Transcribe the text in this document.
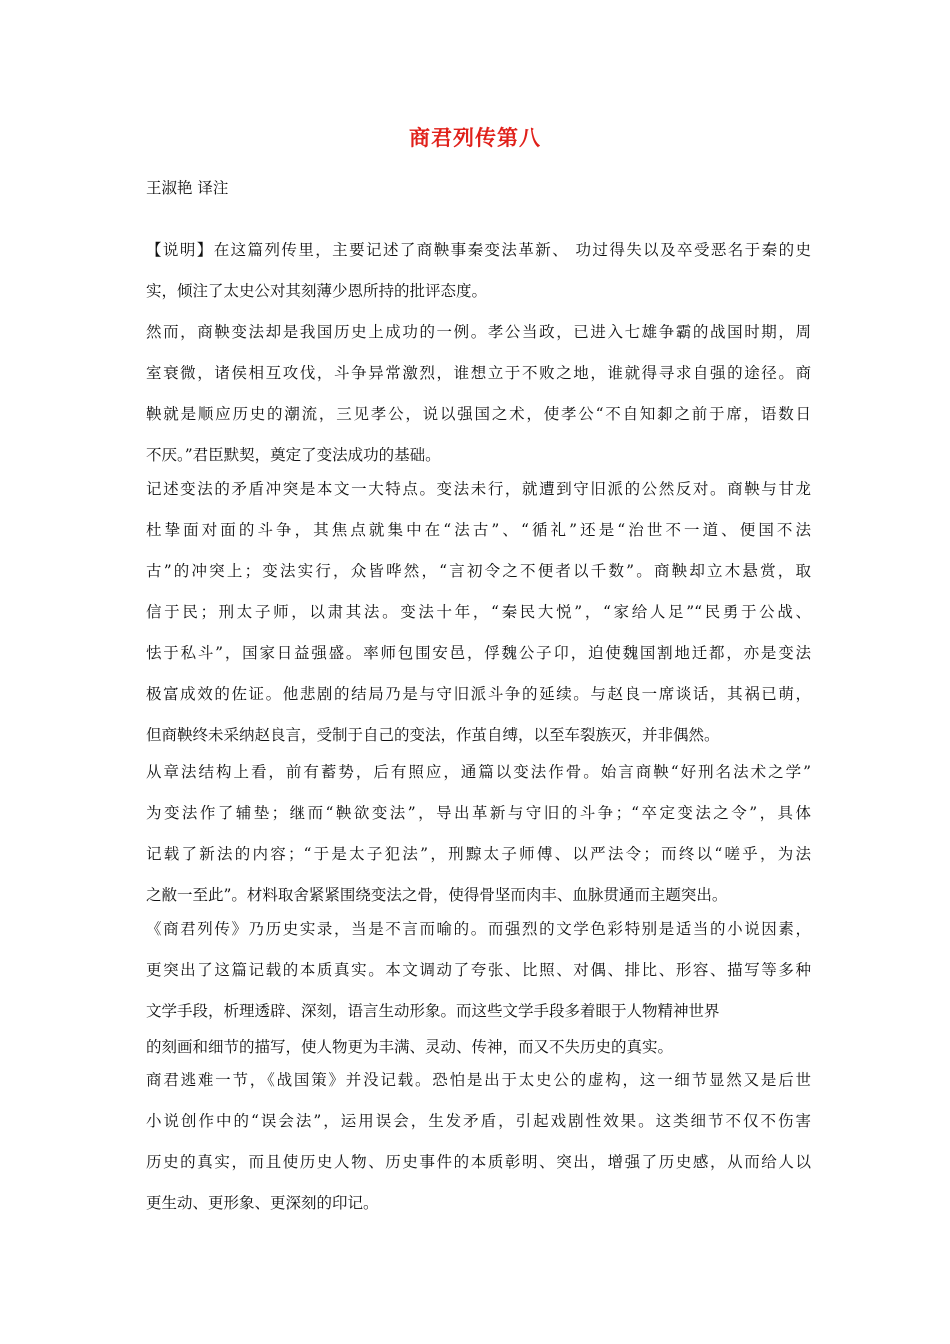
商君列传第八
王淑艳 译注
【说明】在这篇列传里，主要记述了商鞅事秦变法革新、 功过得失以及卒受恶名于秦的史
实，倾注了太史公对其刻薄少恩所持的批评态度。
然而，商鞅变法却是我国历史上成功的一例。孝公当政，已进入七雄争霸的战国时期，周
室衰微，诸侯相互攻伐，斗争异常激烈，谁想立于不败之地，谁就得寻求自强的途径。商
鞅就是顺应历史的潮流，三见孝公，说以强国之术，使孝公“不自知厀之前于席，语数日
不厌。”君臣默契，奠定了变法成功的基础。
记述变法的矛盾冲突是本文一大特点。变法未行，就遭到守旧派的公然反对。商鞅与甘龙
杜挚面对面的斗争，其焦点就集中在“法古”、“循礼”还是“治世不一道、便国不法
古”的冲突上；变法实行，众皆哗然，“言初令之不便者以千数”。商鞅却立木悬赏，取
信于民；刑太子师，以肃其法。变法十年，“秦民大悦”，“家给人足”“民勇于公战、
怯于私斗”，国家日益强盛。率师包围安邑，俘魏公子卬，迫使魏国割地迁都，亦是变法
极富成效的佐证。他悲剧的结局乃是与守旧派斗争的延续。与赵良一席谈话，其祸已萌，
但商鞅终未采纳赵良言，受制于自己的变法，作茧自缚，以至车裂族灭，并非偶然。
从章法结构上看，前有蓄势，后有照应，通篇以变法作骨。始言商鞅“好刑名法术之学”
为变法作了辅垫；继而“鞅欲变法”，导出革新与守旧的斗争；“卒定变法之令”，具体
记载了新法的内容；“于是太子犯法”，刑黥太子师傅、以严法令；而终以“嗟乎，为法
之敝一至此”。材料取舍紧紧围绕变法之骨，使得骨坚而肉丰、血脉贯通而主题突出。
《商君列传》乃历史实录，当是不言而喻的。而强烈的文学色彩特别是适当的小说因素，
更突出了这篇记载的本质真实。本文调动了夸张、比照、对偶、排比、形容、描写等多种
文学手段，析理透辟、深刻，语言生动形象。而这些文学手段多着眼于人物精神世界
的刻画和细节的描写，使人物更为丰满、灵动、传神，而又不失历史的真实。
商君逃难一节，《战国策》并没记载。恐怕是出于太史公的虚构，这一细节显然又是后世
小说创作中的“误会法”，运用误会，生发矛盾，引起戏剧性效果。这类细节不仅不伤害
历史的真实，而且使历史人物、历史事件的本质彰明、突出，增强了历史感，从而给人以
更生动、更形象、更深刻的印记。
